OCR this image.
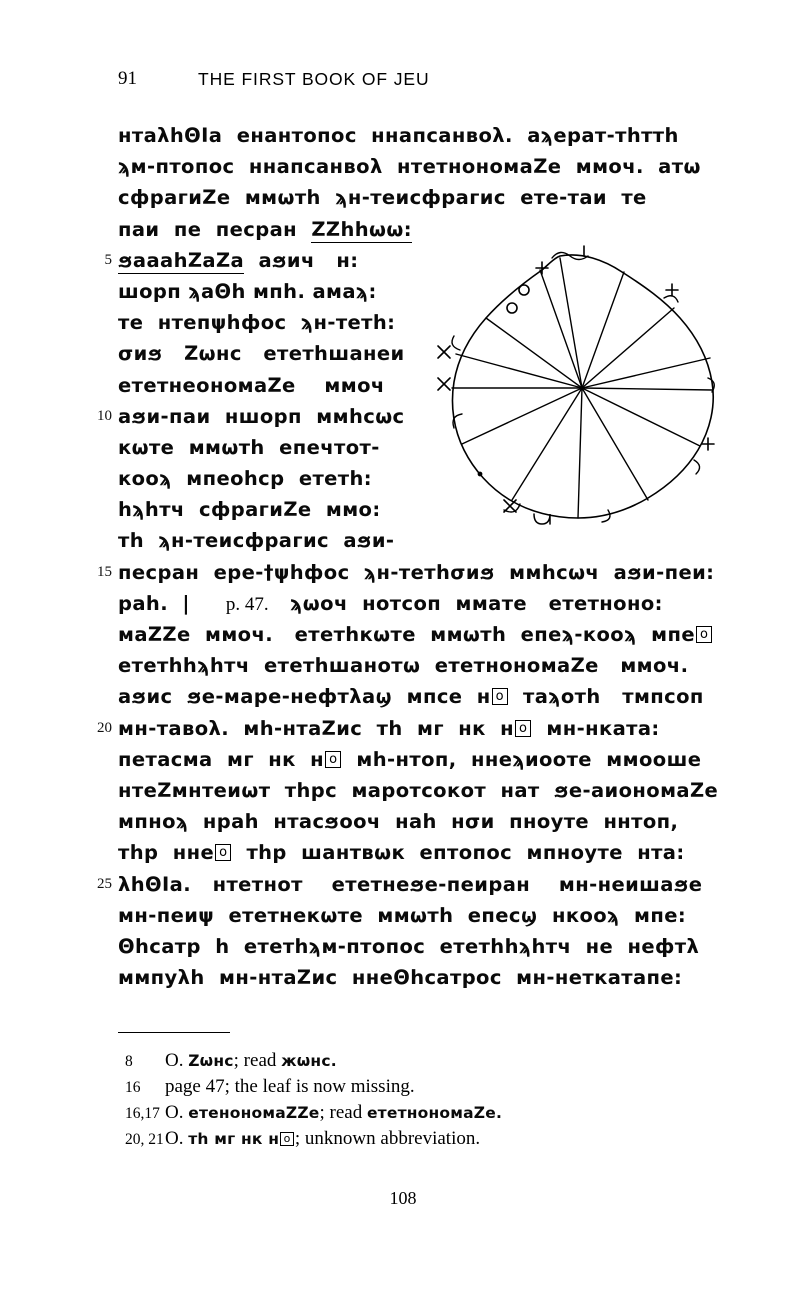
91	THE FIRST BOOK OF JEU
нтаλһΘΙа  енантопос  ннапсанвоλ.  аϡерат-тһттһ
ϡм-птопос  ннапсанвоλ  нтетнономаΖе  ммоч.  атω
сфрагиΖе  ммωтһ  ϡн-теисфрагис  ете-таи  те
паи  пе  песран  ΖΖһһωω:
5 ϧаааһΖаΖа  аϧич   н:
шорп ϡаΘһ мпһ. амаϡ:
те  нтепψһфос  ϡн-тетһ:
σиϧ   Ζωнс   ететһшанеи
ететнеономаΖе    ммоч
10 аϧи-паи  ншорп  ммһсωс
кωте  ммωтһ  епечтот-
кооϡ  мпеоһср  ететһ:
һϡһтч  сфрагиΖе  ммо:
тһ  ϡн-теисфрагис  аϧи-
15 песран  ере-†ψһфос  ϡн-тетһσиϧ  ммһсωч  аϧи-пеи:
раһ.  |     p. 47.   ϡωоч  нотсоп  ммате   ететноно:
маΖΖе  ммоч.   ететһкωте  ммωтһ  епеϡ-кооϡ  мпе о
ететһһϡһтч  ететһшанотω  ететнономаΖе   ммоч.
аϧис  ϧе-маре-нефтλаϣ  мпсе  н о  таϡотһ   тмпсоп
20 мн-тавоλ.  мһ-нтаΖис  тһ  мг  нк  н о  мн-нката:
петасма  мг  нк  н о  мһ-нтоп,  ннеϡиооте  ммооше
нтеΖмнтеиωт  тһрс  маротсокот  нат  ϧе-аиономаΖе
мпноϡ  нраһ  нтасϧооч  наһ  нσи  пноуте  ннтоп,
тһр  нне о  тһр  шантвωк  ептопос  мпноуте  нта:
25 λһΘΙа.   нтетнот    ететнеϧе-пеиран    мн-неишаϧе
мн-пеиψ  ететнекωте  ммωтһ  епесϣ  нкооϡ  мпе:
Θһсатр  һ  ететһϡм-птопос  ететһһϡһтч  не  нефтλ
ммпуλһ  мн-нтаΖис  ннеΘһсатрос  мн-неткатапе:
8 O. Ζωнс; read жωнс.
16 page 47; the leaf is now missing.
16,17 O. етенономаΖΖе; read ететнономаΖе.
20, 21O. тһ мг нк н о ; unknown abbreviation.
108
